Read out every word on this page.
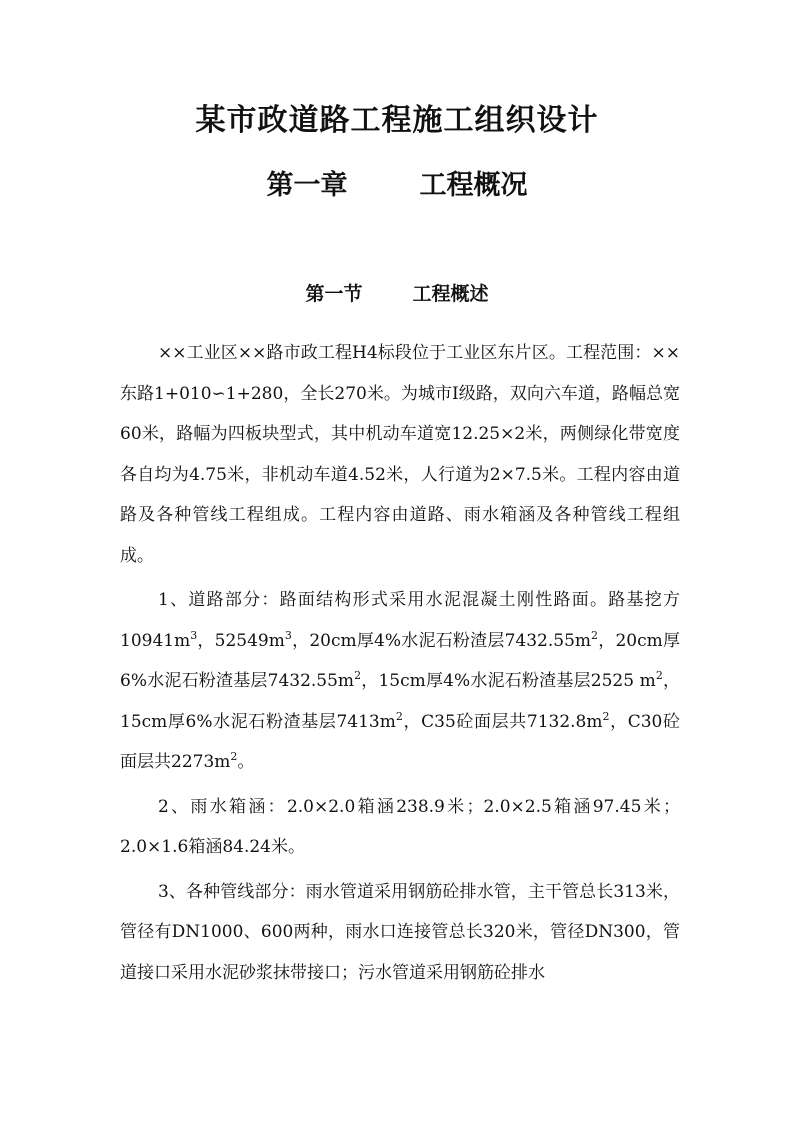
某市政道路工程施工组织设计
第一章	工程概况
第一节	工程概述

××工业区××路市政工程H4标段位于工业区东片区。工程范围：××东路1+010∽1+280，全长270米。为城市Ⅰ级路，双向六车道，路幅总宽60米，路幅为四板块型式，其中机动车道宽12.25×2米，两侧绿化带宽度各自均为4.75米，非机动车道4.52米，人行道为2×7.5米。工程内容由道路及各种管线工程组成。工程内容由道路、雨水箱涵及各种管线工程组成。

1、道路部分：路面结构形式采用水泥混凝土刚性路面。路基挖方$10941m^3$，$52549m^3$，20cm厚4%水泥石粉渣层$7432.55m^2$，20cm厚6%水泥石粉渣基层$7432.55m^2$，15cm厚4%水泥石粉渣基层2525 $m^2$，15cm厚6%水泥石粉渣基层$7413m^2$，C35砼面层共$7132.8m^2$，C30砼面层共$2273m^2$。

2、雨水箱涵：2.0×2.0箱涵238.9米；2.0×2.5箱涵97.45米；2.0×1.6箱涵84.24米。

3、各种管线部分：雨水管道采用钢筋砼排水管，主干管总长313米，管径有DN1000、600两种，雨水口连接管总长320米，管径DN300，管道接口采用水泥砂浆抹带接口；污水管道采用钢筋砼排水
